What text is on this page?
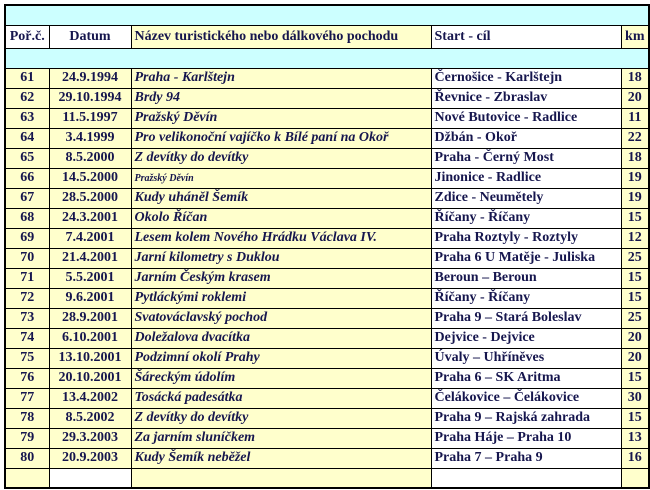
Poř.č.	Datum	Název turistického nebo dálkového pochodu	Start - cíl	km

61	24.9.1994	Praha - Karlštejn	Černošice - Karlštejn	18
62	29.10.1994	Brdy 94	Řevnice - Zbraslav	20
63	11.5.1997	Pražský Děvín	Nové Butovice - Radlice	11
64	3.4.1999	Pro velikonoční vajíčko k Bílé paní na Okoř	Džbán - Okoř	22
65	8.5.2000	Z devítky do devítky	Praha - Černý Most	18
66	14.5.2000	Pražský Děvín	Jinonice - Radlice	19
67	28.5.2000	Kudy uháněl Šemík	Zdice - Neumětely	19
68	24.3.2001	Okolo Říčan	Říčany - Říčany	15
69	7.4.2001	Lesem kolem Nového Hrádku Václava IV.	Praha Roztyly - Roztyly	12
70	21.4.2001	Jarní kilometry s Duklou	Praha 6 U Matěje - Juliska	25
71	5.5.2001	Jarním Českým krasem	Beroun – Beroun	15
72	9.6.2001	Pytláckými roklemi	Říčany - Říčany	15
73	28.9.2001	Svatováclavský pochod	Praha 9 – Stará Boleslav	25
74	6.10.2001	Doležalova dvacítka	Dejvice - Dejvice	20
75	13.10.2001	Podzimní okolí Prahy	Úvaly – Uhříněves	20
76	20.10.2001	Šáreckým údolím	Praha 6 – SK Aritma	15
77	13.4.2002	Tosácká padesátka	Čelákovice – Čelákovice	30
78	8.5.2002	Z devítky do devítky	Praha 9 – Rajská zahrada	15
79	29.3.2003	Za jarním sluníčkem	Praha Háje – Praha 10	13
80	20.9.2003	Kudy Šemík neběžel	Praha 7 – Praha 9	16
